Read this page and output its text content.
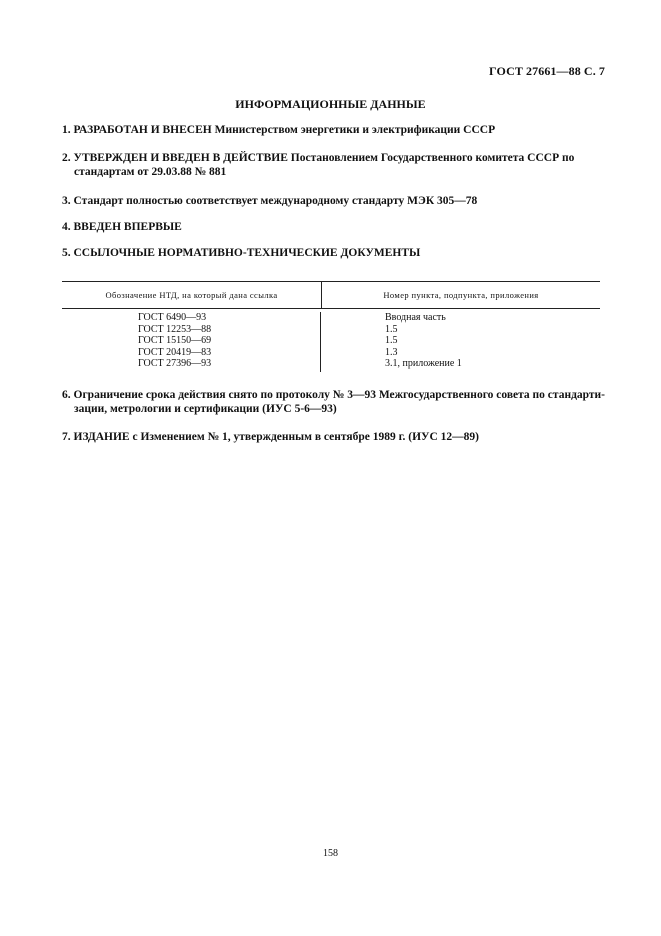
ГОСТ 27661—88 С. 7
ИНФОРМАЦИОННЫЕ ДАННЫЕ
1. РАЗРАБОТАН И ВНЕСЕН Министерством энергетики и электрификации СССР
2. УТВЕРЖДЕН И ВВЕДЕН В ДЕЙСТВИЕ Постановлением Государственного комитета СССР по
стандартам от 29.03.88 № 881
3. Стандарт полностью соответствует международному стандарту МЭК 305—78
4. ВВЕДЕН ВПЕРВЫЕ
5. ССЫЛОЧНЫЕ НОРМАТИВНО-ТЕХНИЧЕСКИЕ ДОКУМЕНТЫ
Обозначение НТД, на который дана ссылка	Номер пункта, подпункта, приложения
ГОСТ 6490—93
ГОСТ 12253—88
ГОСТ 15150—69
ГОСТ 20419—83
ГОСТ 27396—93
Вводная часть
1.5
1.5
1.3
3.1, приложение 1
6. Ограничение срока действия снято по протоколу № 3—93 Межгосударственного совета по стандарти-
зации, метрологии и сертификации (ИУС 5-6—93)
7. ИЗДАНИЕ с Изменением № 1, утвержденным в сентябре 1989 г. (ИУС 12—89)
158
